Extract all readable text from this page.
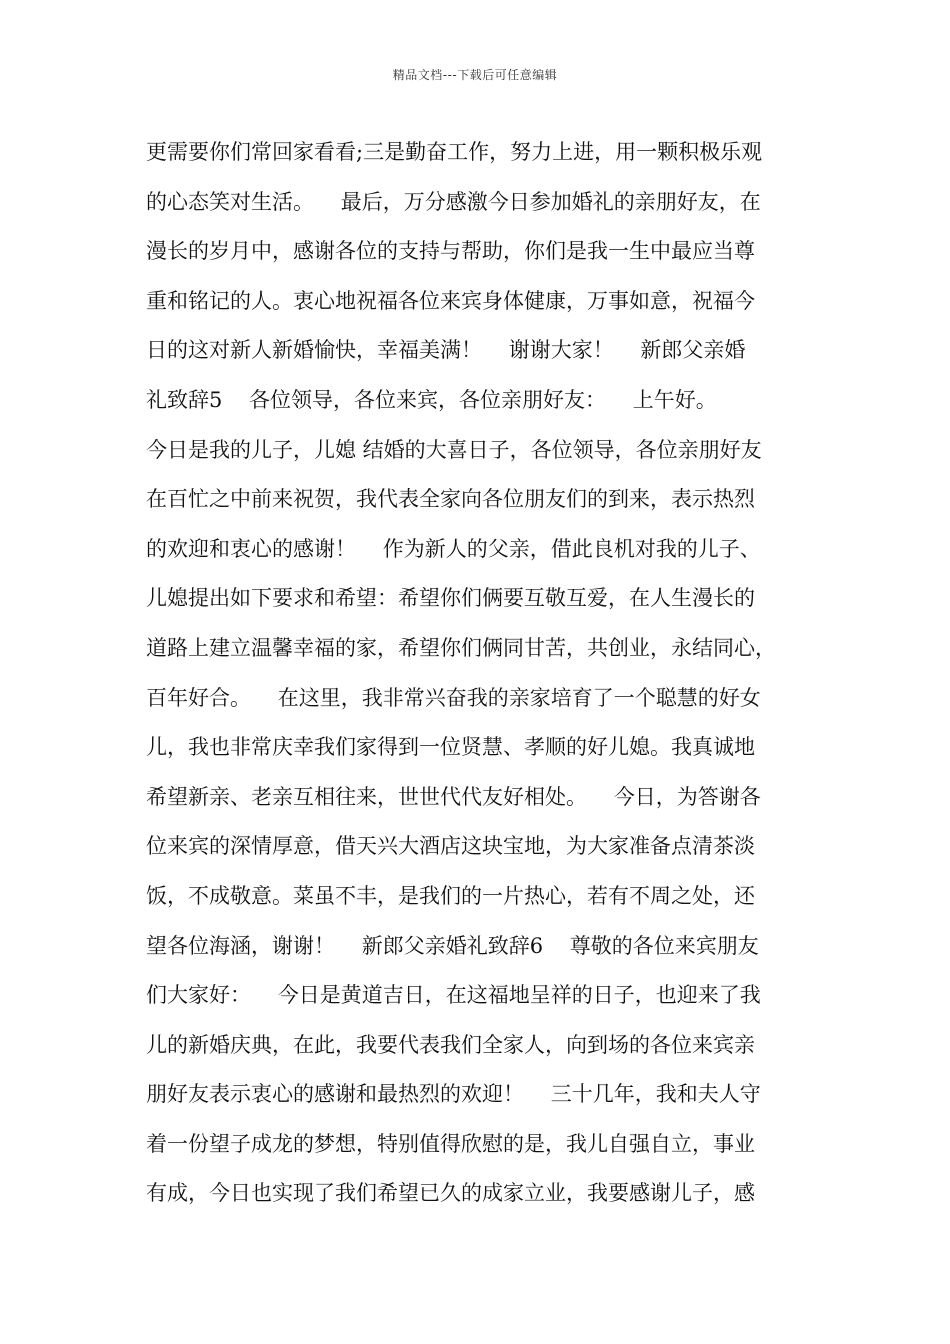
精品文档---下载后可任意编辑
更需要你们常回家看看;三是勤奋工作，努力上进，用一颗积极乐观
的心态笑对生活。    最后，万分感激今日参加婚礼的亲朋好友，在
漫长的岁月中，感谢各位的支持与帮助，你们是我一生中最应当尊
重和铭记的人。衷心地祝福各位来宾身体健康，万事如意，祝福今
日的这对新人新婚愉快，幸福美满！    谢谢大家！    新郎父亲婚
礼致辞5    各位领导，各位来宾，各位亲朋好友：    上午好。
今日是我的儿子，儿媳 结婚的大喜日子，各位领导，各位亲朋好友
在百忙之中前来祝贺，我代表全家向各位朋友们的到来，表示热烈
的欢迎和衷心的感谢！    作为新人的父亲，借此良机对我的儿子、
儿媳提出如下要求和希望：希望你们俩要互敬互爱，在人生漫长的
道路上建立温馨幸福的家，希望你们俩同甘苦，共创业，永结同心，
百年好合。    在这里，我非常兴奋我的亲家培育了一个聪慧的好女
儿，我也非常庆幸我们家得到一位贤慧、孝顺的好儿媳。我真诚地
希望新亲、老亲互相往来，世世代代友好相处。    今日，为答谢各
位来宾的深情厚意，借天兴大酒店这块宝地，为大家准备点清茶淡
饭，不成敬意。菜虽不丰，是我们的一片热心，若有不周之处，还
望各位海涵，谢谢！    新郎父亲婚礼致辞6    尊敬的各位来宾朋友
们大家好：    今日是黄道吉日，在这福地呈祥的日子，也迎来了我
儿的新婚庆典，在此，我要代表我们全家人，向到场的各位来宾亲
朋好友表示衷心的感谢和最热烈的欢迎！    三十几年，我和夫人守
着一份望子成龙的梦想，特别值得欣慰的是，我儿自强自立，事业
有成，今日也实现了我们希望已久的成家立业，我要感谢儿子，感
